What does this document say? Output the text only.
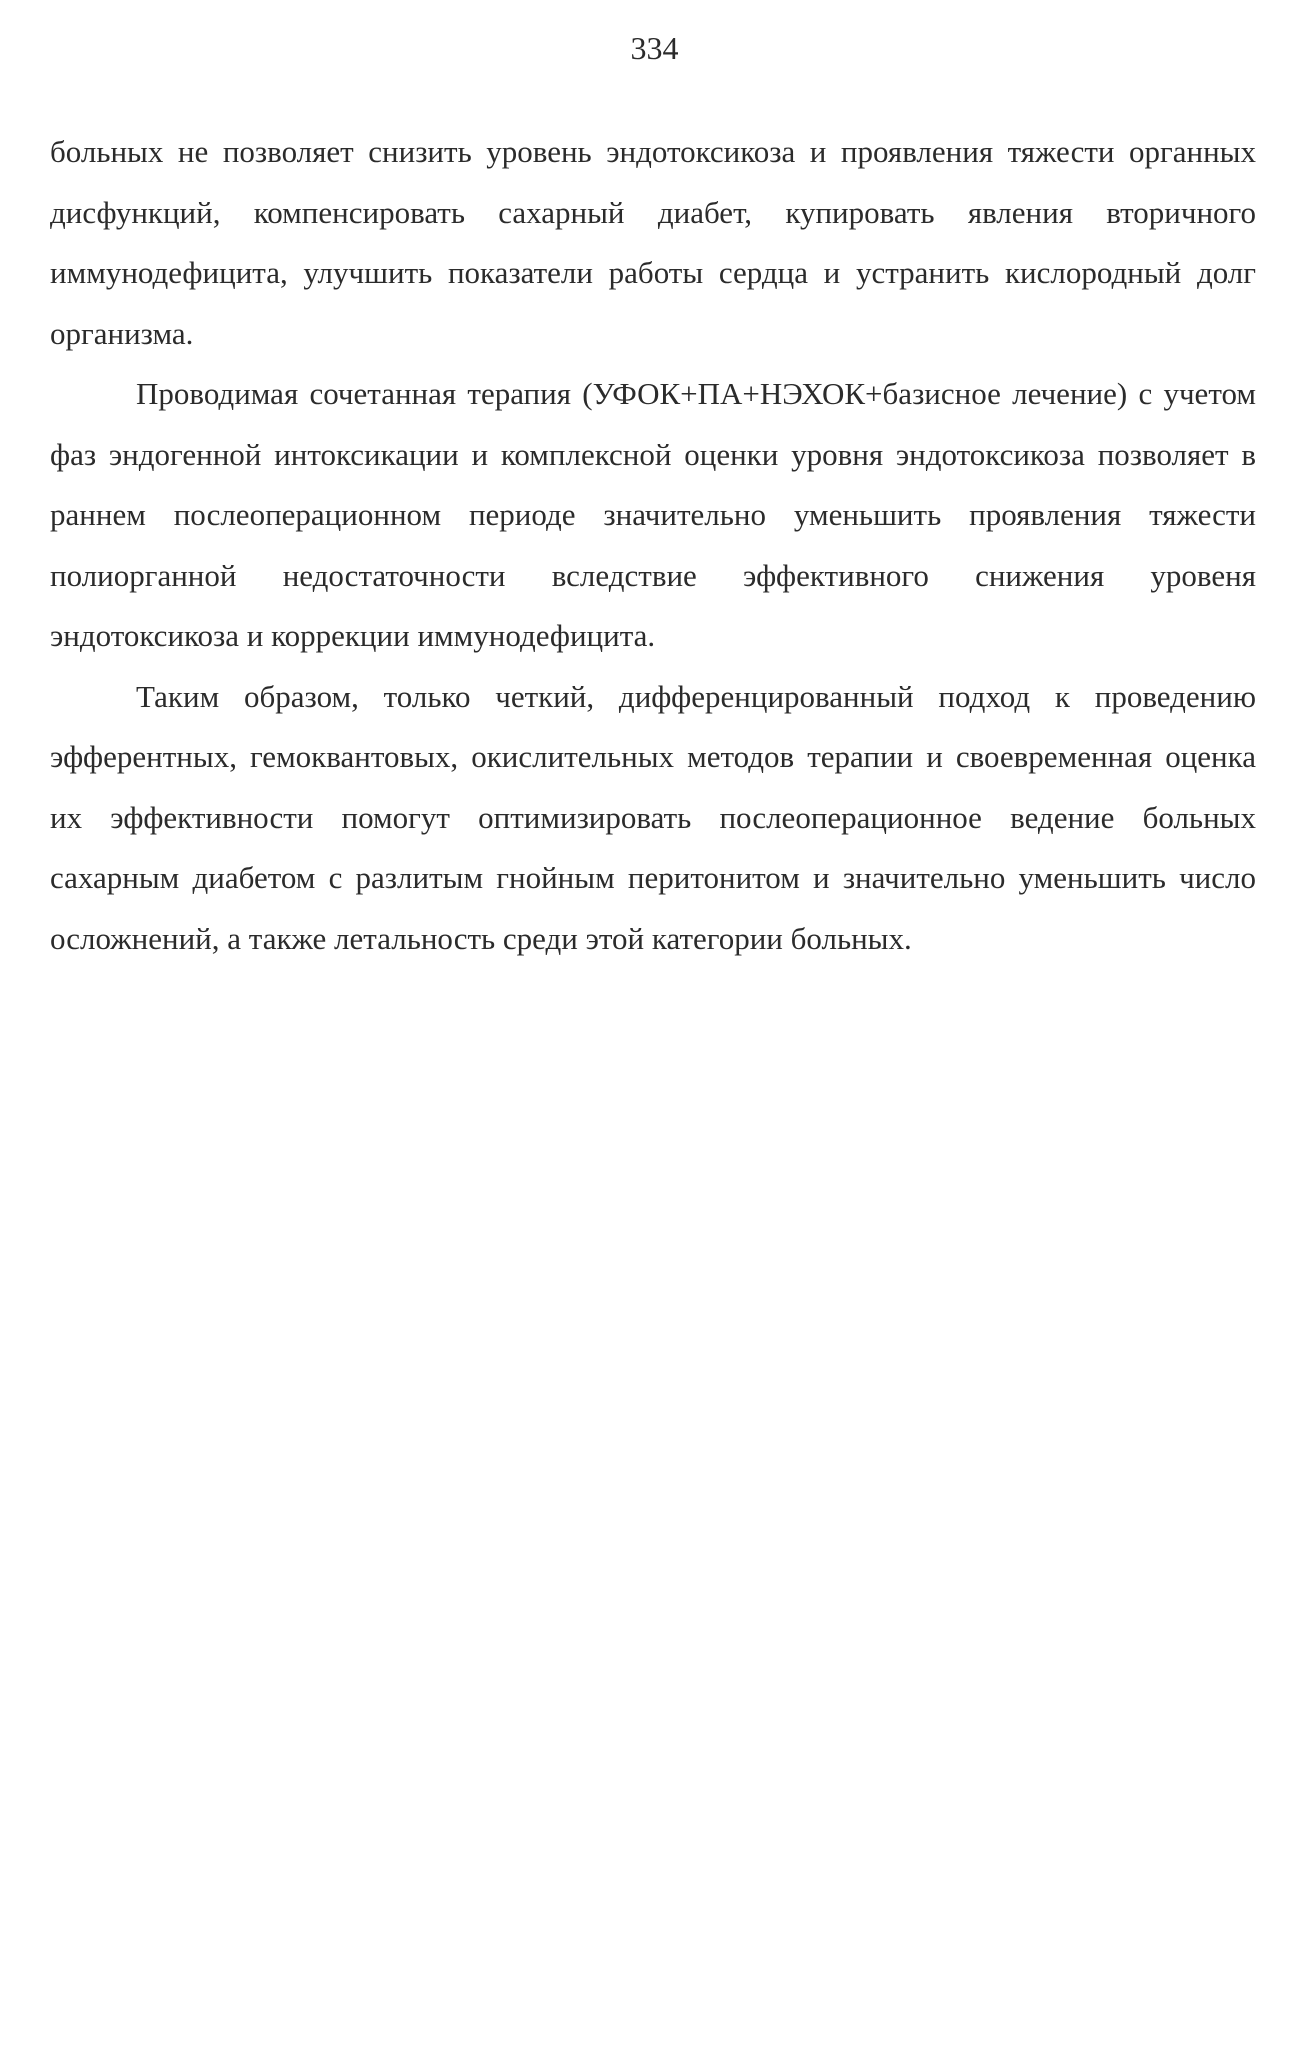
334

больных не позволяет снизить уровень эндотоксикоза и проявления тяжести органных дисфункций, компенсировать сахарный диабет, купировать явления вторичного иммунодефицита, улучшить показатели работы сердца и устранить кислородный долг организма.

Проводимая сочетанная терапия (УФОК+ПА+НЭХОК+базисное лечение) с учетом фаз эндогенной интоксикации и комплексной оценки уровня эндотоксикоза позволяет в раннем послеоперационном периоде значительно уменьшить проявления тяжести полиорганной недостаточности вследствие эффективного снижения уровеня эндотоксикоза и коррекции иммунодефицита.

Таким образом, только четкий, дифференцированный подход к проведению эфферентных, гемоквантовых, окислительных методов терапии и своевременная оценка их эффективности помогут оптимизировать послеоперационное ведение больных сахарным диабетом с разлитым гнойным перитонитом и значительно уменьшить число осложнений, а также летальность среди этой категории больных.
